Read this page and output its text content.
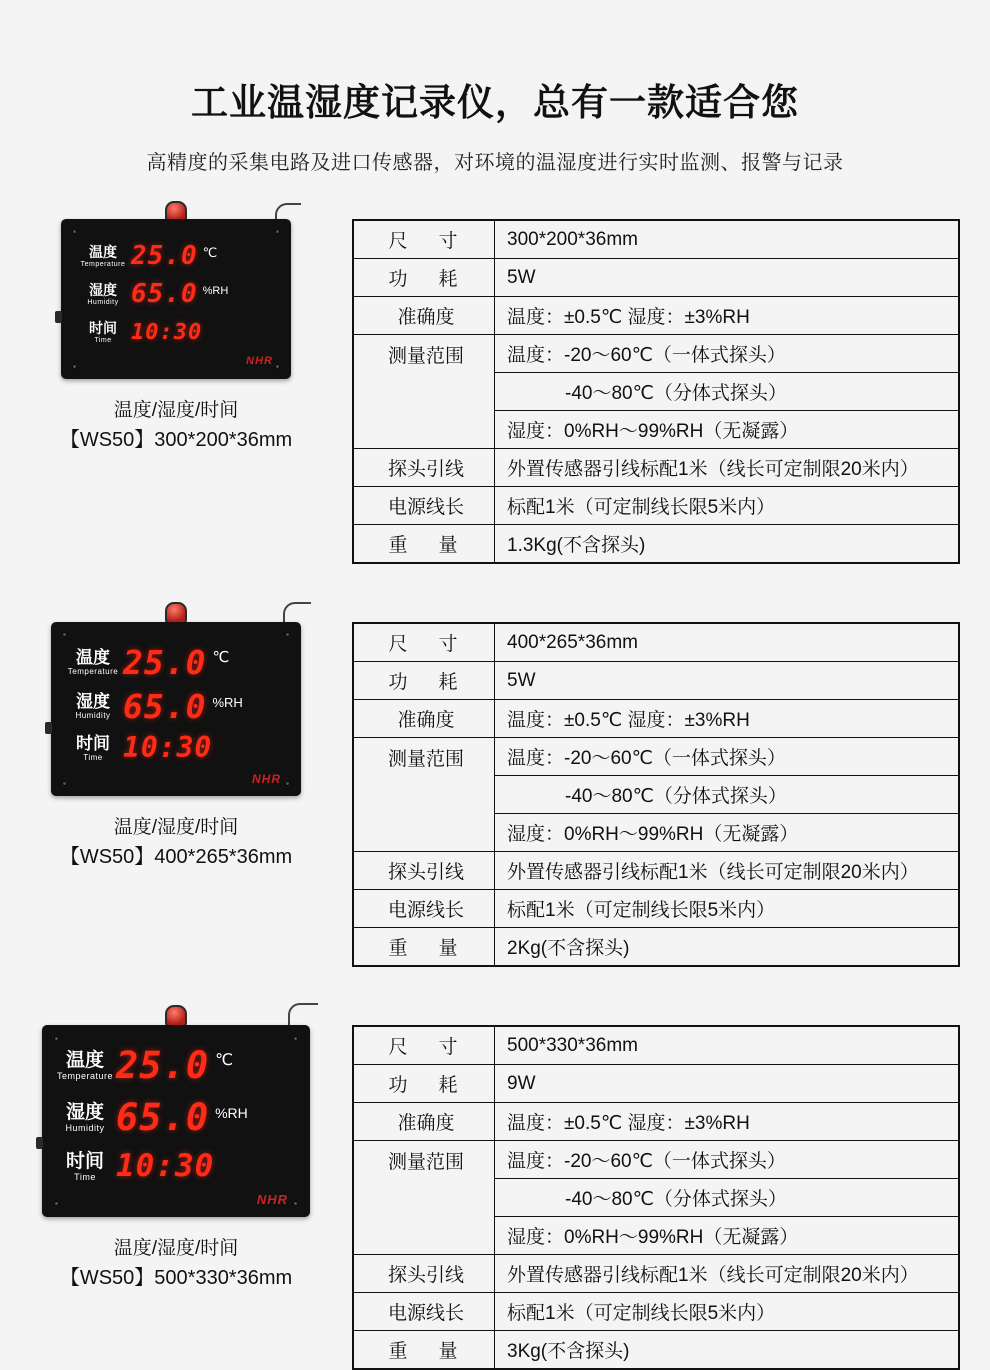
工业温湿度记录仪，总有一款适合您
高精度的采集电路及进口传感器，对环境的温湿度进行实时监测、报警与记录
温度
Temperature 25.0 ℃
湿度
Humidity 65.0 %RH
时间
Time 10:30
NHR
温度/湿度/时间
【WS50】300*200*36mm
尺　寸	300*200*36mm
功　耗	5W
准确度	温度：±0.5℃ 湿度：±3%RH
测量范围	温度：-20～60℃（一体式探头）
	-40～80℃（分体式探头）
	湿度：0%RH～99%RH（无凝露）
探头引线	外置传感器引线标配1米（线长可定制限20米内）
电源线长	标配1米（可定制线长限5米内）
重　量	1.3Kg(不含探头)
温度
Temperature 25.0 ℃
湿度
Humidity 65.0 %RH
时间
Time 10:30
NHR
温度/湿度/时间
【WS50】400*265*36mm
尺　寸	400*265*36mm
功　耗	5W
准确度	温度：±0.5℃ 湿度：±3%RH
测量范围	温度：-20～60℃（一体式探头）
	-40～80℃（分体式探头）
	湿度：0%RH～99%RH（无凝露）
探头引线	外置传感器引线标配1米（线长可定制限20米内）
电源线长	标配1米（可定制线长限5米内）
重　量	2Kg(不含探头)
温度
Temperature 25.0 ℃
湿度
Humidity 65.0 %RH
时间
Time 10:30
NHR
温度/湿度/时间
【WS50】500*330*36mm
尺　寸	500*330*36mm
功　耗	9W
准确度	温度：±0.5℃ 湿度：±3%RH
测量范围	温度：-20～60℃（一体式探头）
	-40～80℃（分体式探头）
	湿度：0%RH～99%RH（无凝露）
探头引线	外置传感器引线标配1米（线长可定制限20米内）
电源线长	标配1米（可定制线长限5米内）
重　量	3Kg(不含探头)
